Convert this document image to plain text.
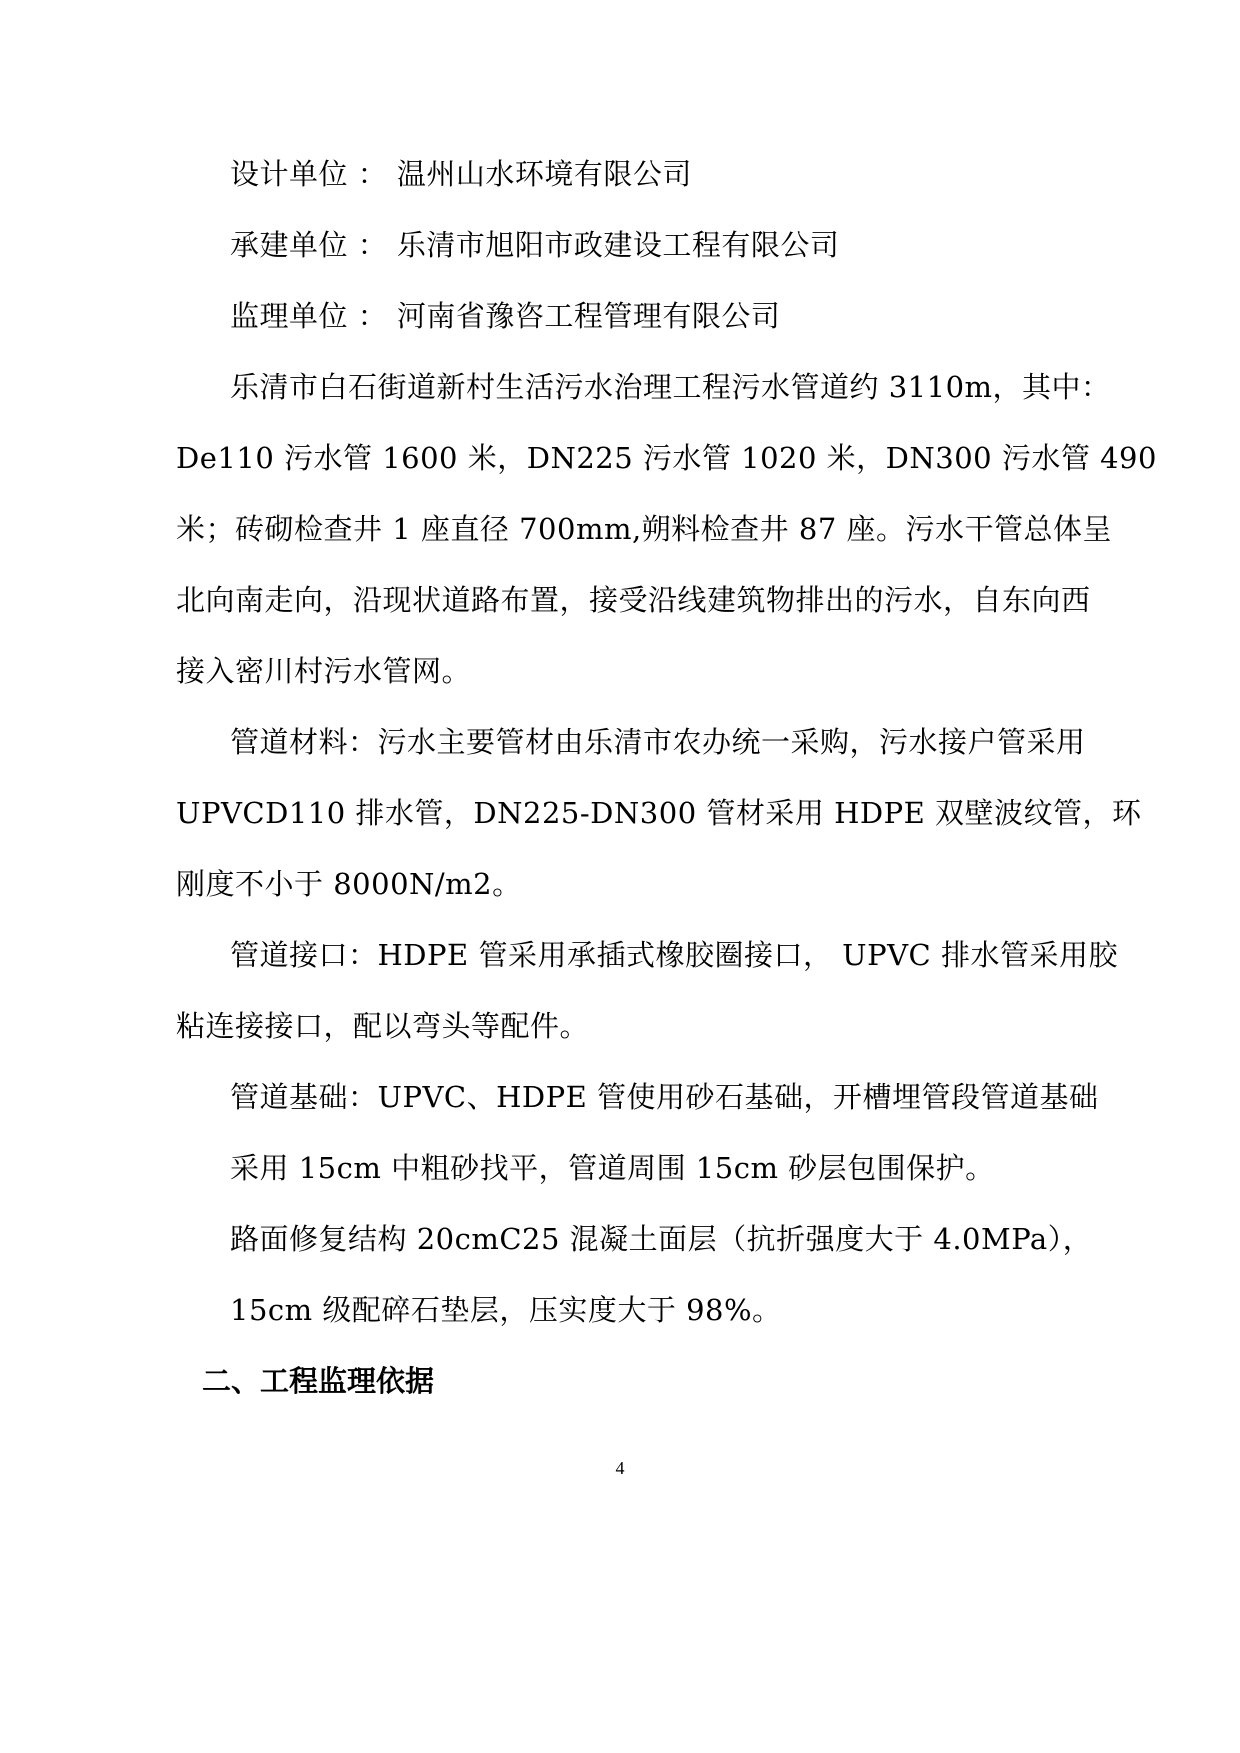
设计单位 ： 温州山水环境有限公司
承建单位 ： 乐清市旭阳市政建设工程有限公司
监理单位 ： 河南省豫咨工程管理有限公司
乐清市白石街道新村生活污水治理工程污水管道约 3110m，其中：
De110 污水管 1600 米，DN225 污水管 1020 米，DN300 污水管 490
米；砖砌检查井 1 座直径 700mm,朔料检查井 87 座。污水干管总体呈
北向南走向，沿现状道路布置，接受沿线建筑物排出的污水，自东向西
接入密川村污水管网。
管道材料：污水主要管材由乐清市农办统一采购，污水接户管采用
UPVCD110 排水管，DN225-DN300 管材采用 HDPE 双壁波纹管，环
刚度不小于 8000N/m2。
管道接口：HDPE 管采用承插式橡胶圈接口， UPVC 排水管采用胶
粘连接接口，配以弯头等配件。
管道基础：UPVC、HDPE 管使用砂石基础，开槽埋管段管道基础
采用 15cm 中粗砂找平，管道周围 15cm 砂层包围保护。
路面修复结构 20cmC25 混凝土面层（抗折强度大于 4.0MPa），
15cm 级配碎石垫层，压实度大于 98%。
二、工程监理依据
4
